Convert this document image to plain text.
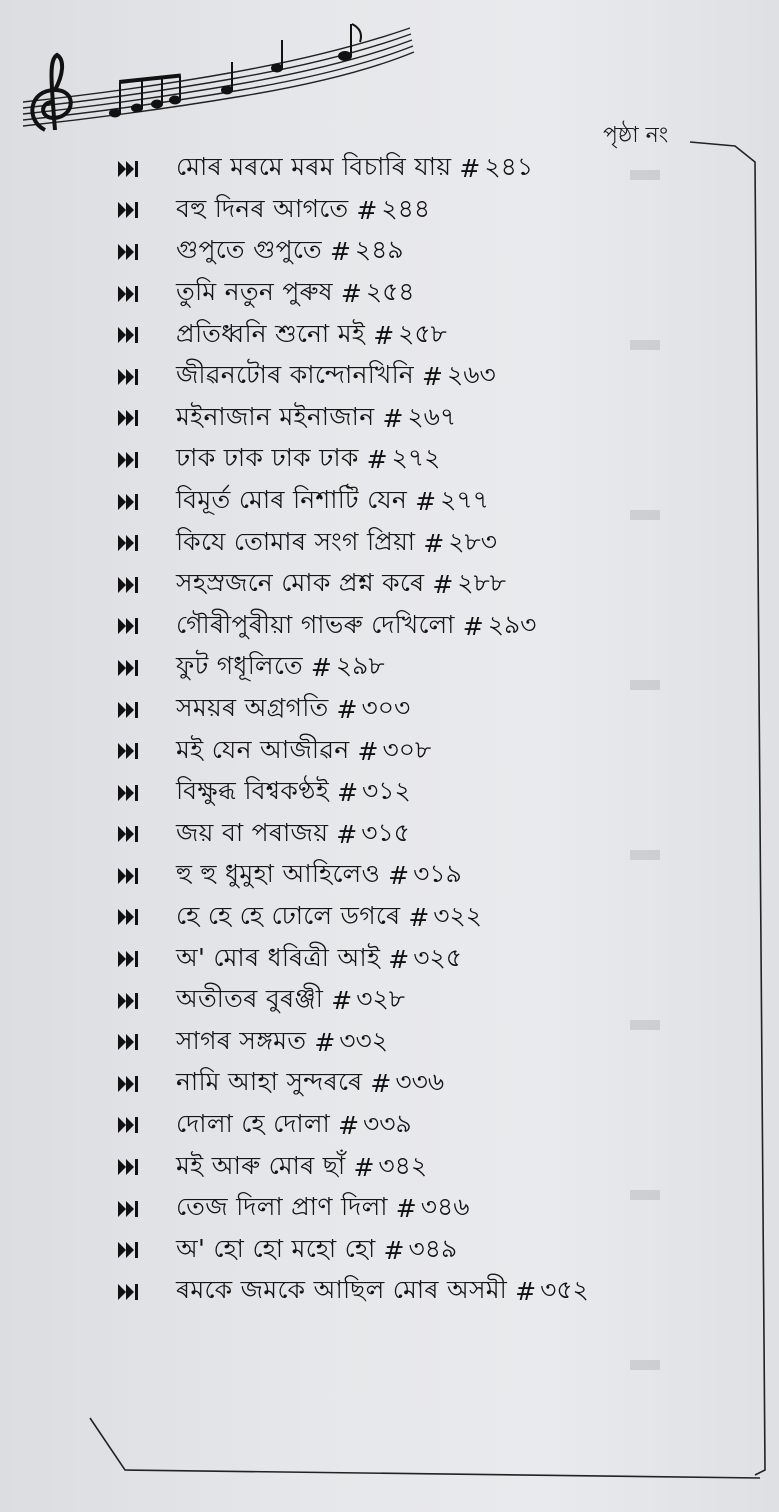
পৃষ্ঠা নং
মোৰ মৰমে মৰম বিচাৰি যায় # ২৪১
বহু দিনৰ আগতে # ২৪৪
গুপুতে গুপুতে # ২৪৯
তুমি নতুন পুৰুষ # ২৫৪
প্ৰতিধ্বনি শুনো মই # ২৫৮
জীৱনটোৰ কান্দোনখিনি # ২৬৩
মইনাজান মইনাজান # ২৬৭
ঢাক ঢাক ঢাক ঢাক # ২৭২
বিমূৰ্ত মোৰ নিশাটি যেন # ২৭৭
কিযে তোমাৰ সংগ প্ৰিয়া # ২৮৩
সহস্ৰজনে মোক প্ৰশ্ন কৰে # ২৮৮
গৌৰীপুৰীয়া গাভৰু দেখিলো # ২৯৩
ফুট গধূলিতে # ২৯৮
সময়ৰ অগ্ৰগতি # ৩০৩
মই যেন আজীৱন # ৩০৮
বিক্ষুব্ধ বিশ্বকণ্ঠই # ৩১২
জয় বা পৰাজয় # ৩১৫
হু হু ধুমুহা আহিলেও # ৩১৯
হে হে হে ঢোলে ডগৰে # ৩২২
অ' মোৰ ধৰিত্ৰী আই # ৩২৫
অতীতৰ বুৰঞ্জী # ৩২৮
সাগৰ সঙ্গমত # ৩৩২
নামি আহা সুন্দৰৰে # ৩৩৬
দোলা হে দোলা # ৩৩৯
মই আৰু মোৰ ছাঁ # ৩৪২
তেজ দিলা প্ৰাণ দিলা # ৩৪৬
অ' হো হো মহো হো # ৩৪৯
ৰমকে জমকে আছিল মোৰ অসমী # ৩৫২
